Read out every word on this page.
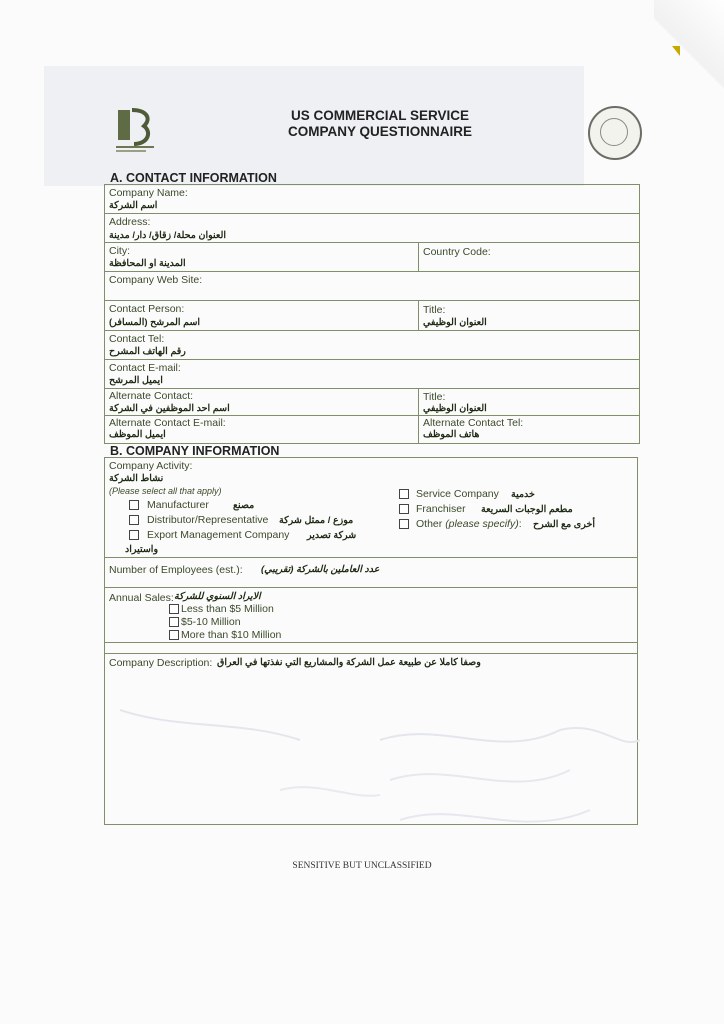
US COMMERCIAL SERVICE
COMPANY QUESTIONNAIRE
A. CONTACT INFORMATION
Company Name:
اسم الشركة
Address:
العنوان محلة/ زقاق/ دار/ مدينة
City:
المدينة او المحافظة
Country Code:
Company Web Site:
Contact Person:
اسم المرشح (المسافر)
Title:
العنوان الوظيفي
Contact Tel:
رقم الهاتف المشرح
Contact E-mail:
ايميل المرشح
Alternate Contact:
اسم احد الموظفين في الشركة
Title:
العنوان الوظيفي
Alternate Contact E-mail:
ايميل الموظف
Alternate Contact Tel:
هاتف الموظف
B. COMPANY INFORMATION
Company Activity:
نشاط الشركة
(Please select all that apply)
Manufacturer	مصنع
Distributor/Representative موزع / ممثل شركة
Export Management Company شركة تصدير
واستيراد
Service Company خدمية
Franchiser مطعم الوجبات السريعة
Other (please specify): أخرى مع الشرح
Number of Employees (est.): عدد العاملين بالشركة (تقريبي)
Annual Sales: الايراد السنوي للشركة
Less than $5 Million
$5-10 Million
More than $10 Million
Company Description: وصفا كاملا عن طبيعة عمل الشركة والمشاريع التي نفذتها في العراق
SENSITIVE BUT UNCLASSIFIED
